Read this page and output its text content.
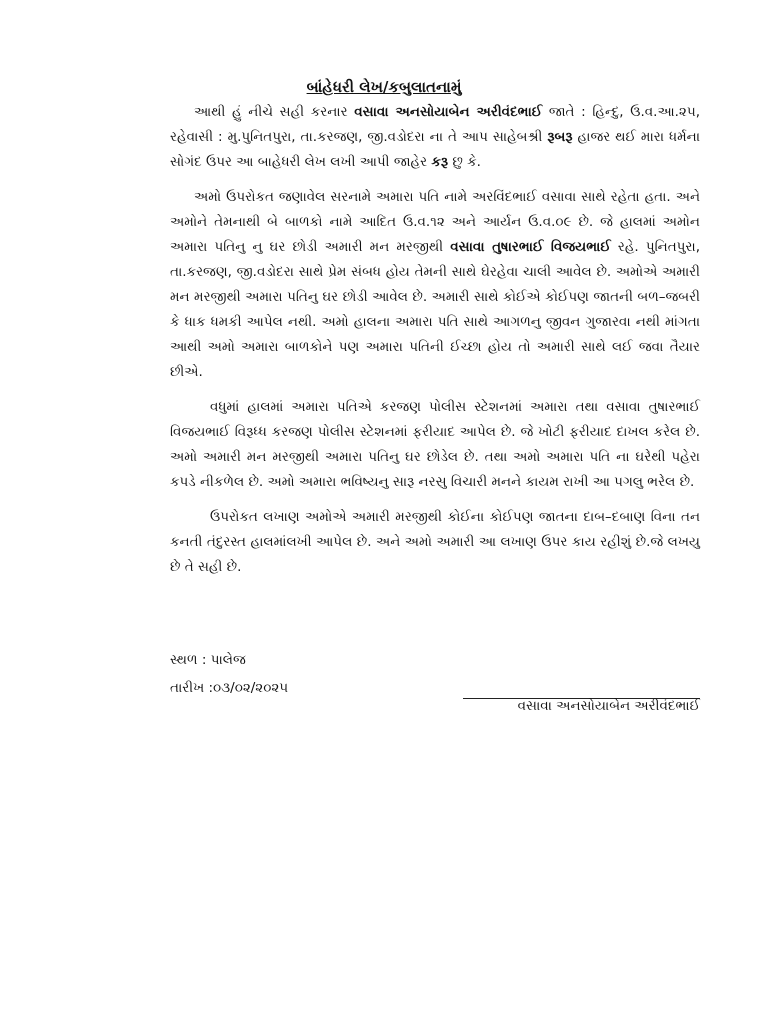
બાંહેધરી લેખ/કબુલાતનામું

આથી હું નીચે સહી કરનાર વસાવા અનસોયાબેન અરીવંદભાઈ જાતે : હિન્દુ, ઉ.વ.આ.૨૫, રહેવાસી : મુ.પુનિતપુરા, તા.કરજણ, જી.વડોદરા ના તે આપ સાહેબશ્રી રૂબરૂ હાજર થઈ મારા ધર્મના સોગંદ ઉપર આ બાહેધરી લેખ લખી આપી જાહેર કરૂ છુ કે.

અમો ઉપરોકત જણાવેલ સરનામે અમારા પતિ નામે અરવિંદભાઈ વસાવા સાથે રહેતા હતા. અને અમોને તેમનાથી બે બાળકો નામે આદિત ઉ.વ.૧૨ અને આર્યન ઉ.વ.૦૯ છે. જે હાલમાં અમોન અમારા પતિનુ નુ ઘર છોડી અમારી મન મરજીથી વસાવા તુષારભાઈ વિજયભાઈ રહે. પુનિતપુરા, તા.કરજણ, જી.વડોદરા સાથે પ્રેમ સંબધ હોય તેમની સાથે ઘેરહેવા ચાલી આવેલ છે. અમોએ અમારી મન મરજીથી અમારા પતિનુ ઘર છોડી આવેલ છે. અમારી સાથે કોઈએ કોઈપણ જાતની બળ–જબરી કે ધાક ધમકી આપેલ નથી. અમો હાલના અમારા પતિ સાથે આગળનુ જીવન ગુજારવા નથી માંગતા આથી અમો અમારા બાળકોને પણ અમારા પતિની ઈચ્છા હોય તો અમારી સાથે લઈ જવા તૈયાર છીએ.

વધુમાં હાલમાં અમારા પતિએ કરજણ પોલીસ સ્ટેશનમાં અમારા તથા વસાવા તુષારભાઈ વિજયભાઈ વિરૂધ્ધ કરજણ પોલીસ સ્ટેશનમાં ફરીયાદ આપેલ છે. જે ખોટી ફરીયાદ દાખલ કરેલ છે. અમો અમારી મન મરજીથી અમારા પતિનુ ઘર છોડેલ છે. તથા અમો અમારા પતિ ના ઘરેથી પહેરા કપડે નીકળેલ છે. અમો અમારા ભવિષ્યનુ સારૂ નરસુ વિચારી મનને કાયમ રાખી આ પગલુ ભરેલ છે.

ઉપરોકત લખાણ અમોએ અમારી મરજીથી કોઈના કોઈપણ જાતના દાબ–દબાણ વિના તન કનતી તંદુરસ્ત હાલમાંલખી આપેલ છે. અને અમો અમારી આ લખાણ ઉપર કાય રહીશું છે.જે લખયુ છે તે સહી છે.

સ્થળ : પાલેજ
તારીખ :૦૩/૦૨/૨૦૨૫
વસાવા અનસોયાબેન અરીવંદભાઈ
